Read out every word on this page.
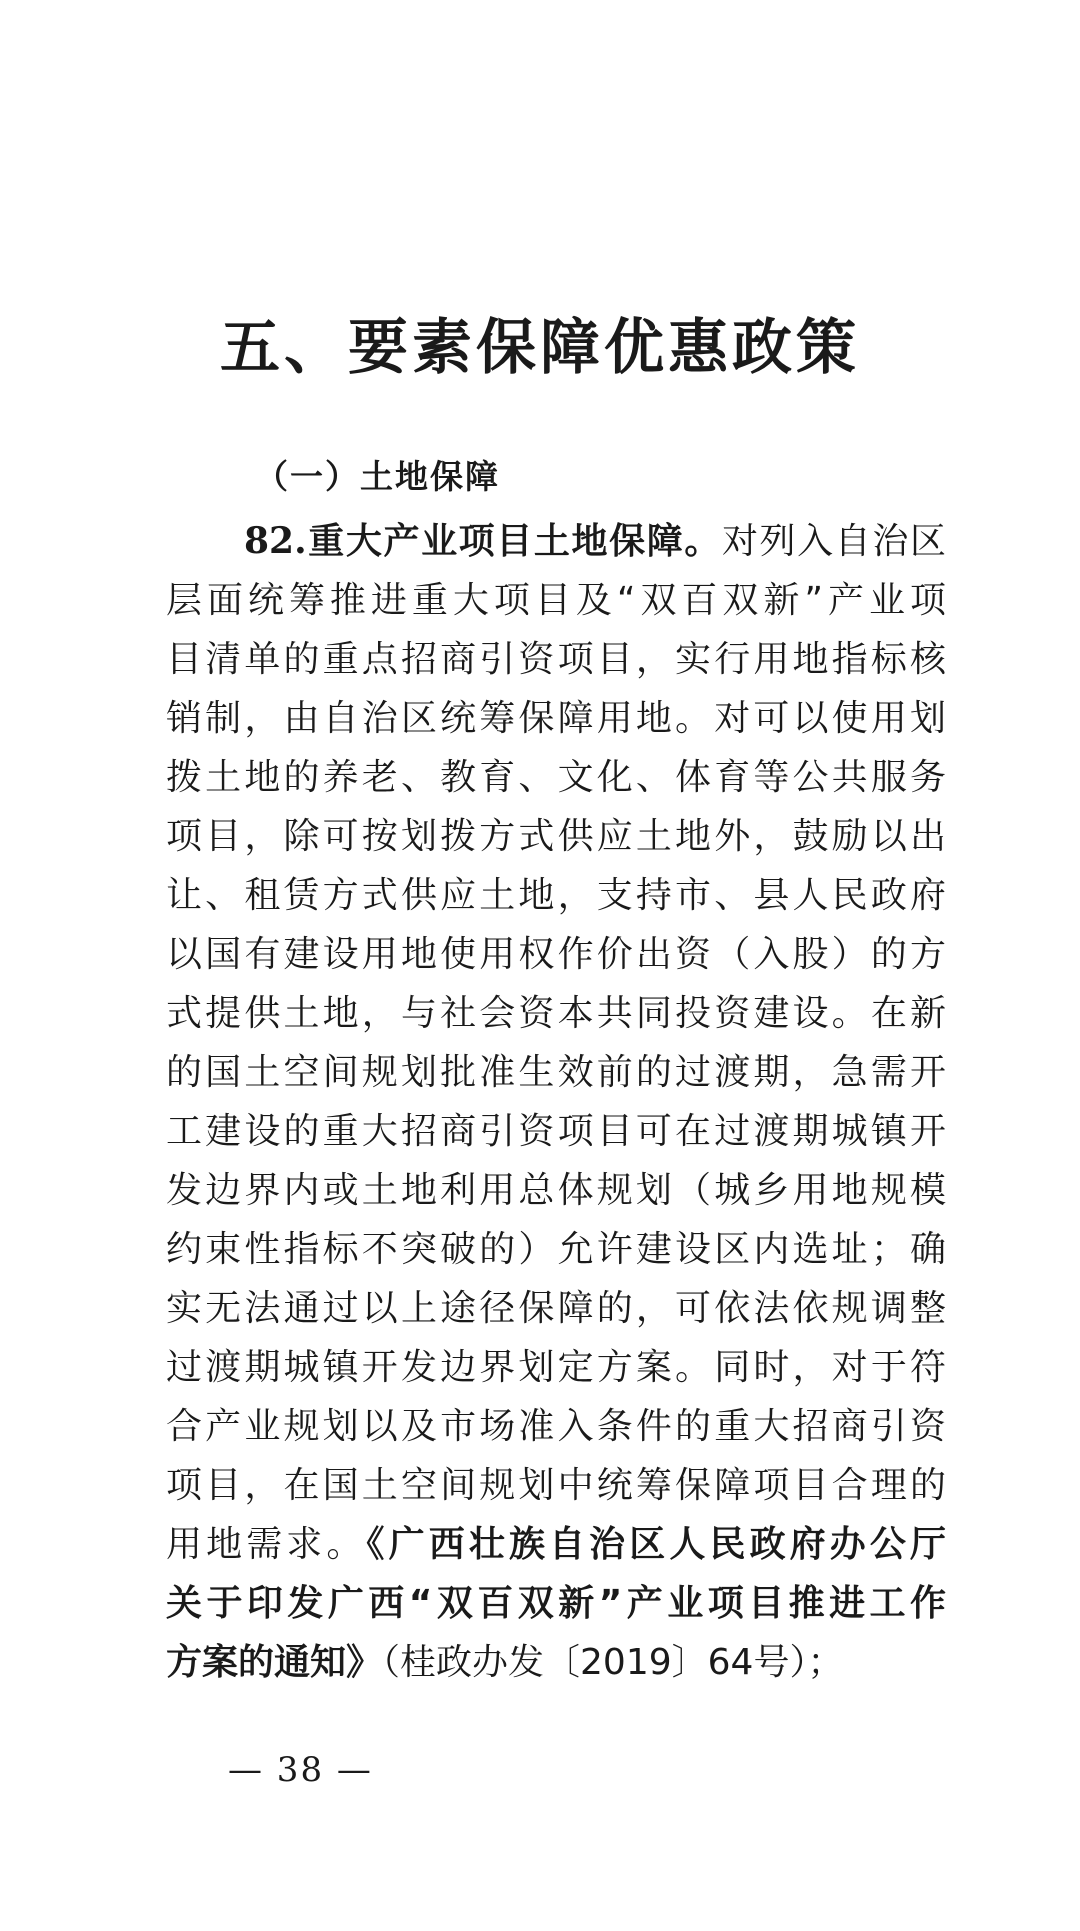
五、要素保障优惠政策
（一）土地保障
82.重大产业项目土地保障。对列入自治区
层面统筹推进重大项目及“双百双新”产业项
目清单的重点招商引资项目，实行用地指标核
销制，由自治区统筹保障用地。对可以使用划
拨土地的养老、教育、文化、体育等公共服务
项目，除可按划拨方式供应土地外，鼓励以出
让、租赁方式供应土地，支持市、县人民政府
以国有建设用地使用权作价出资（入股）的方
式提供土地，与社会资本共同投资建设。在新
的国土空间规划批准生效前的过渡期，急需开
工建设的重大招商引资项目可在过渡期城镇开
发边界内或土地利用总体规划（城乡用地规模
约束性指标不突破的）允许建设区内选址；确
实无法通过以上途径保障的，可依法依规调整
过渡期城镇开发边界划定方案。同时，对于符
合产业规划以及市场准入条件的重大招商引资
项目，在国土空间规划中统筹保障项目合理的
用地需求。《广西壮族自治区人民政府办公厅
关于印发广西“双百双新”产业项目推进工作
方案的通知》（桂政办发〔2019〕64号）；
— 38 —
